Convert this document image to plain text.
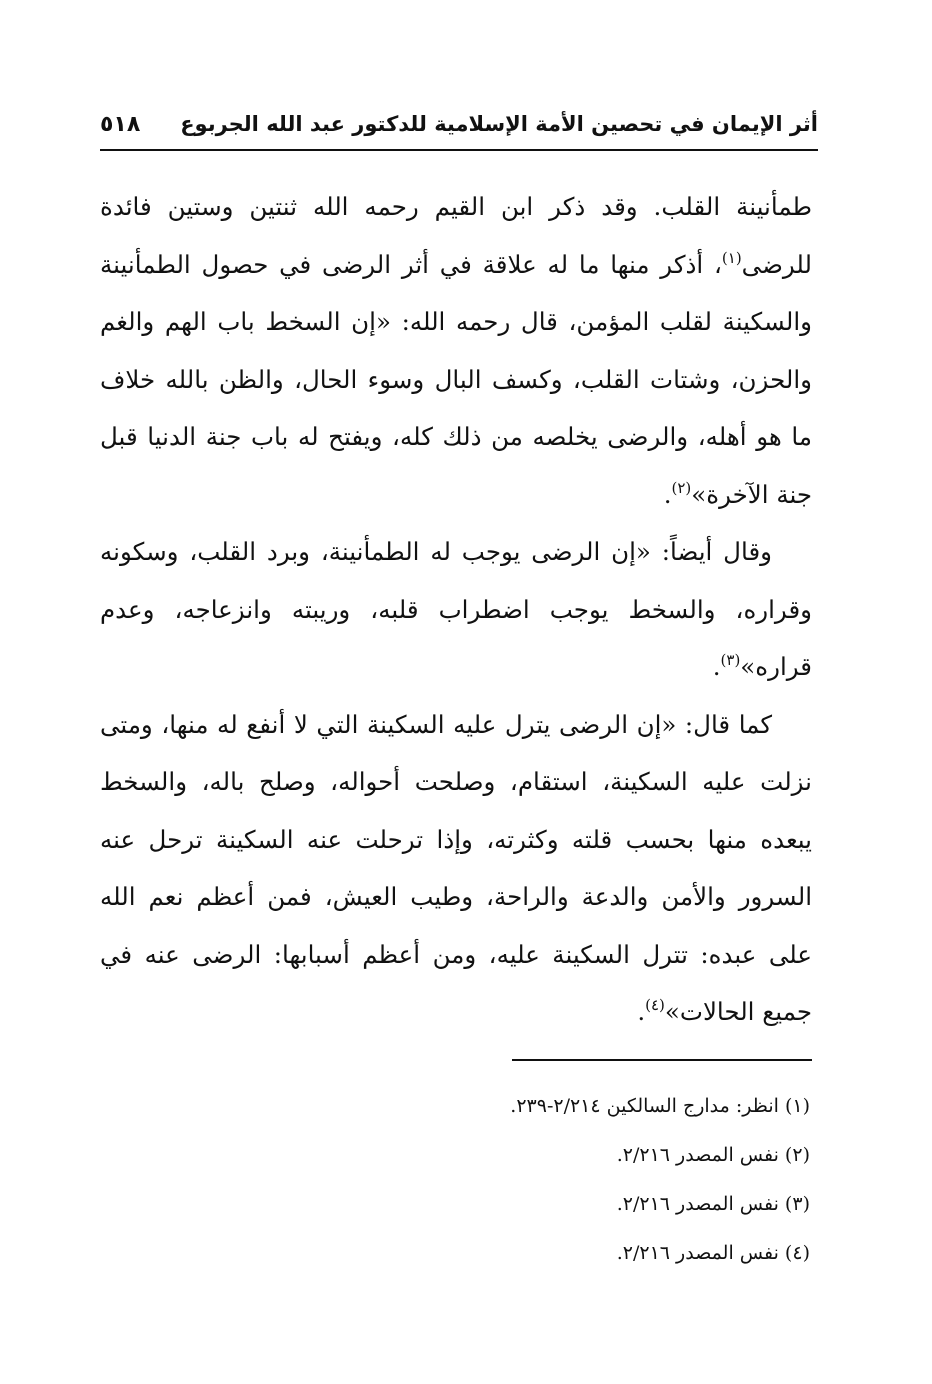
أثر الإيمان في تحصين الأمة الإسلامية للدكتور عبد الله الجربوع
٥١٨

طمأنينة القلب. وقد ذكر ابن القيم رحمه الله ثنتين وستين فائدة للرضى$^{(١)}$، أذكر منها ما له علاقة في أثر الرضى في حصول الطمأنينة والسكينة لقلب المؤمن، قال رحمه الله: «إن السخط باب الهم والغم والحزن، وشتات القلب، وكسف البال وسوء الحال، والظن بالله خلاف ما هو أهله، والرضى يخلصه من ذلك كله، ويفتح له باب جنة الدنيا قبل جنة الآخرة»$^{(٢)}$.

وقال أيضاً: «إن الرضى يوجب له الطمأنينة، وبرد القلب، وسكونه وقراره، والسخط يوجب اضطراب قلبه، وريبته وانزعاجه، وعدم قراره»$^{(٣)}$.

كما قال: «إن الرضى يترل عليه السكينة التي لا أنفع له منها، ومتى نزلت عليه السكينة، استقام، وصلحت أحواله، وصلح باله، والسخط يبعده منها بحسب قلته وكثرته، وإذا ترحلت عنه السكينة ترحل عنه السرور والأمن والدعة والراحة، وطيب العيش، فمن أعظم نعم الله على عبده: تترل السكينة عليه، ومن أعظم أسبابها: الرضى عنه في جميع الحالات»$^{(٤)}$.

(١) انظر: مدارج السالكين ٢/٢١٤-٢٣٩.

(٢) نفس المصدر ٢/٢١٦.

(٣) نفس المصدر ٢/٢١٦.

(٤) نفس المصدر ٢/٢١٦.
